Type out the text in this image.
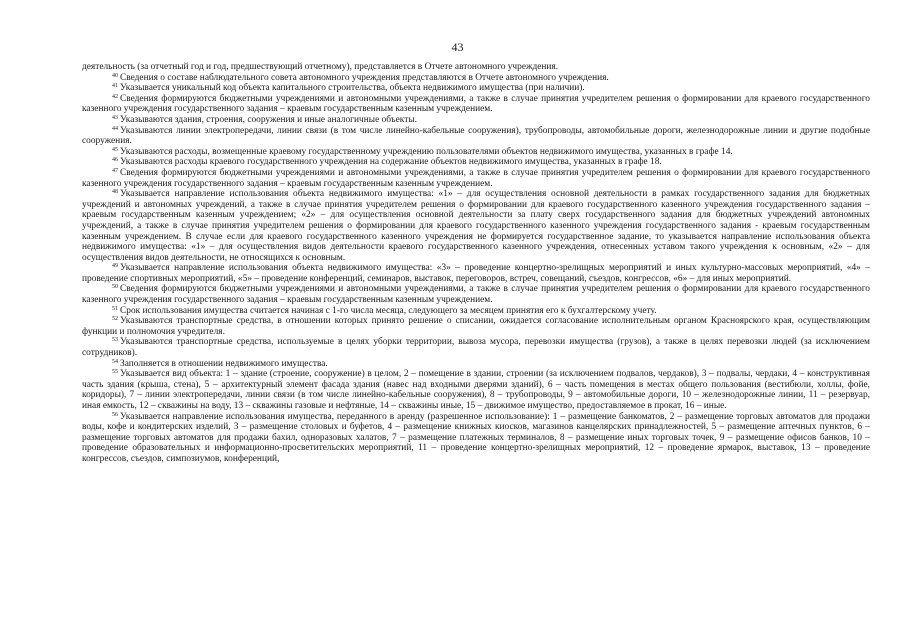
43

деятельность (за отчетный год и год, предшествующий отчетному), представляется в Отчете автономного учреждения.

$^{40}$ Сведения о составе наблюдательного совета автономного учреждения представляются в Отчете автономного учреждения.

$^{41}$ Указывается уникальный код объекта капитального строительства, объекта недвижимого имущества (при наличии).

$^{42}$ Сведения формируются бюджетными учреждениями и автономными учреждениями, а также в случае принятия учредителем решения о формировании для краевого государственного казенного учреждения государственного задания – краевым государственным казенным учреждением.

$^{43}$ Указываются здания, строения, сооружения и иные аналогичные объекты.

$^{44}$ Указываются линии электропередачи, линии связи (в том числе линейно-кабельные сооружения), трубопроводы, автомобильные дороги, железнодорожные линии и другие подобные сооружения.

$^{45}$ Указываются расходы, возмещенные краевому государственному учреждению пользователями объектов недвижимого имущества, указанных в графе 14.

$^{46}$ Указываются расходы краевого государственного учреждения на содержание объектов недвижимого имущества, указанных в графе 18.

$^{47}$ Сведения формируются бюджетными учреждениями и автономными учреждениями, а также в случае принятия учредителем решения о формировании для краевого государственного казенного учреждения государственного задания – краевым государственным казенным учреждением.

$^{48}$ Указывается направление использования объекта недвижимого имущества: «1» – для осуществления основной деятельности в рамках государственного задания для бюджетных учреждений и автономных учреждений, а также в случае принятия учредителем решения о формировании для краевого государственного казенного учреждения государственного задания – краевым государственным казенным учреждением; «2» – для осуществления основной деятельности за плату сверх государственного задания для бюджетных учреждений автономных учреждений, а также в случае принятия учредителем решения о формировании для краевого государственного казенного учреждения государственного задания - краевым государственным казенным учреждением. В случае если для краевого государственного казенного учреждения не формируется государственное задание, то указывается направление использования объекта недвижимого имущества: «1» – для осуществления видов деятельности краевого государственного казенного учреждения, отнесенных уставом такого учреждения к основным, «2» – для осуществления видов деятельности, не относящихся к основным.

$^{49}$ Указывается направление использования объекта недвижимого имущества: «3» – проведение концертно-зрелищных мероприятий и иных культурно-массовых мероприятий, «4» – проведение спортивных мероприятий, «5» – проведение конференций, семинаров, выставок, переговоров, встреч, совещаний, съездов, конгрессов, «6» – для иных мероприятий.

$^{50}$ Сведения формируются бюджетными учреждениями и автономными учреждениями, а также в случае принятия учредителем решения о формировании для краевого государственного казенного учреждения государственного задания – краевым государственным казенным учреждением.

$^{51}$ Срок использования имущества считается начиная с 1-го числа месяца, следующего за месяцем принятия его к бухгалтерскому учету.

$^{52}$ Указываются транспортные средства, в отношении которых принято решение о списании, ожидается согласование исполнительным органом Красноярского края, осуществляющим функции и полномочия учредителя.

$^{53}$ Указываются транспортные средства, используемые в целях уборки территории, вывоза мусора, перевозки имущества (грузов), а также в целях перевозки людей (за исключением сотрудников).

$^{54}$ Заполняется в отношении недвижимого имущества.

$^{55}$ Указывается вид объекта: 1 – здание (строение, сооружение) в целом, 2 – помещение в здании, строении (за исключением подвалов, чердаков), 3 – подвалы, чердаки, 4 – конструктивная часть здания (крыша, стена), 5 – архитектурный элемент фасада здания (навес над входными дверями зданий), 6 – часть помещения в местах общего пользования (вестибюли, холлы, фойе, коридоры), 7 – линии электропередачи, линии связи (в том числе линейно-кабельные сооружения), 8 – трубопроводы, 9 – автомобильные дороги, 10 – железнодорожные линии, 11 – резервуар, иная емкость, 12 – скважины на воду, 13 – скважины газовые и нефтяные, 14 – скважины иные, 15 – движимое имущество, предоставляемое в прокат, 16 – иные.

$^{56}$ Указывается направление использования имущества, переданного в аренду (разрешенное использование): 1 – размещение банкоматов, 2 – размещение торговых автоматов для продажи воды, кофе и кондитерских изделий, 3 – размещение столовых и буфетов, 4 – размещение книжных киосков, магазинов канцелярских принадлежностей, 5 – размещение аптечных пунктов, 6 – размещение торговых автоматов для продажи бахил, одноразовых халатов, 7 – размещение платежных терминалов, 8 – размещение иных торговых точек, 9 – размещение офисов банков, 10 – проведение образовательных и информационно-просветительских мероприятий, 11 – проведение концертно-зрелищных мероприятий, 12 – проведение ярмарок, выставок, 13 – проведение конгрессов, съездов, симпозиумов, конференций,
